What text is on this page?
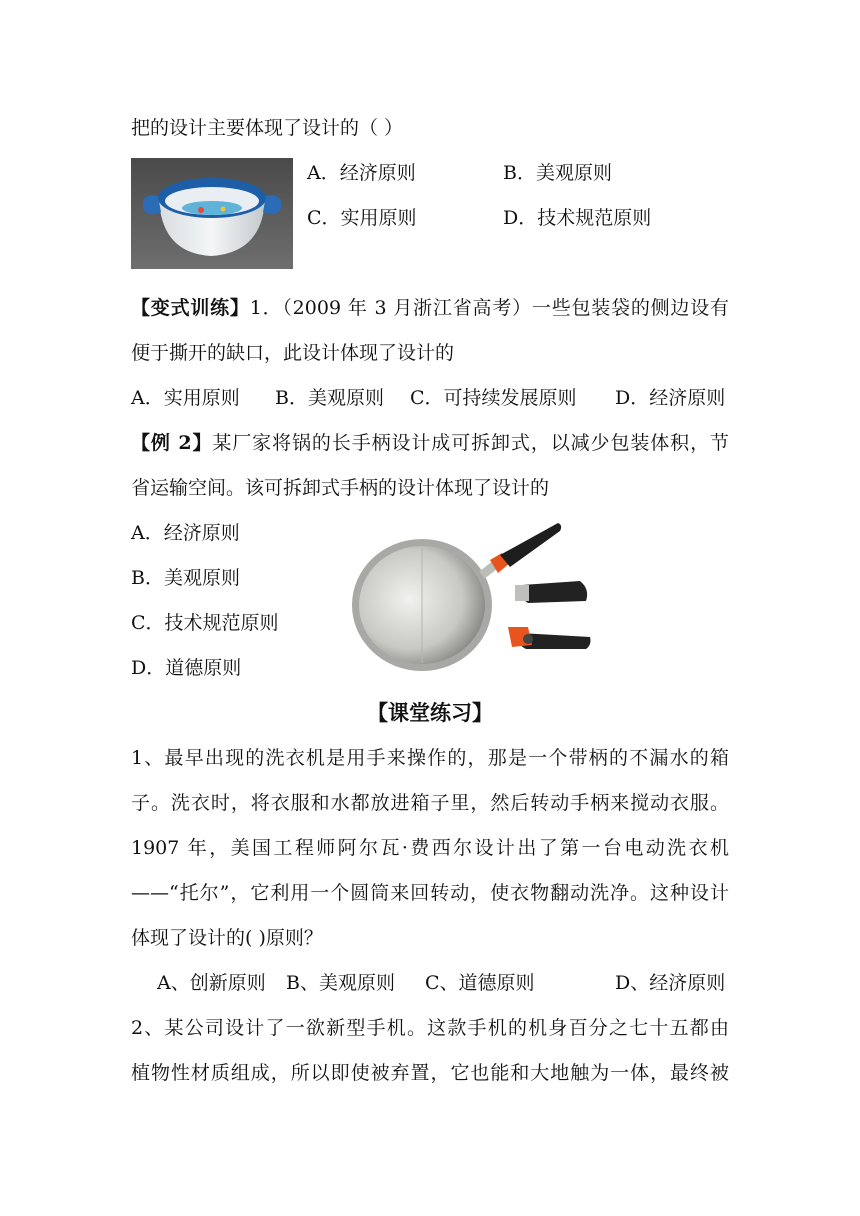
把的设计主要体现了设计的（ ）
A．经济原则	B．美观原则
C．实用原则	D．技术规范原则
【变式训练】1．（2009 年 3 月浙江省高考）一些包装袋的侧边设有
便于撕开的缺口，此设计体现了设计的
A．实用原则 B．美观原则 C．可持续发展原则 D．经济原则
【例 2】某厂家将锅的长手柄设计成可拆卸式，以减少包装体积，节
省运输空间。该可拆卸式手柄的设计体现了设计的
A．经济原则
B．美观原则
C．技术规范原则
D．道德原则
【课堂练习】
1、最早出现的洗衣机是用手来操作的，那是一个带柄的不漏水的箱
子。洗衣时，将衣服和水都放进箱子里，然后转动手柄来搅动衣服。
1907 年，美国工程师阿尔瓦·费西尔设计出了第一台电动洗衣机
——“托尔”，它利用一个圆筒来回转动，使衣物翻动洗净。这种设计
体现了设计的( )原则？
A、创新原则 B、美观原则 C、道德原则	D、经济原则
2、某公司设计了一欲新型手机。这款手机的机身百分之七十五都由
植物性材质组成，所以即使被弃置，它也能和大地触为一体，最终被
